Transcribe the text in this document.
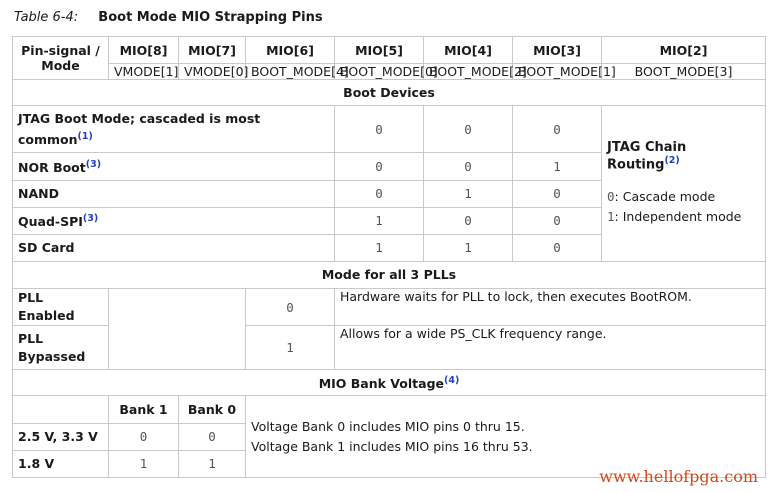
Table 6-4: Boot Mode MIO Strapping Pins
Pin-signal / Mode	MIO[8]	MIO[7]	MIO[6]	MIO[5]	MIO[4]	MIO[3]	MIO[2]
	VMODE[1]	VMODE[0]	BOOT_MODE[4]	BOOT_MODE[0]	BOOT_MODE[2]	BOOT_MODE[1]	BOOT_MODE[3]
Boot Devices							
JTAG Boot Mode; cascaded is most common$^{(1)}$				0	0	0	JTAG Chain Routing$^{(2)}$
0: Cascade mode
1: Independent mode

NOR Boot$^{(3)}$				0	0	1	
NAND				0	1	0	
Quad-SPI$^{(3)}$				1	0	0	
SD Card				1	1	0	
Mode for all 3 PLLs							
PLL Enabled			0	Hardware waits for PLL to lock, then executes BootROM.			
PLL Bypassed			1	Allows for a wide PS_CLK frequency range.			
MIO Bank Voltage$^{(4)}$
	Bank 1	Bank 0	Voltage Bank 0 includes MIO pins 0 thru 15.
Voltage Bank 1 includes MIO pins 16 thru 53.				

2.5 V, 3.3 V	0	0					
1.8 V	1	1					
www.hellofpga.com
